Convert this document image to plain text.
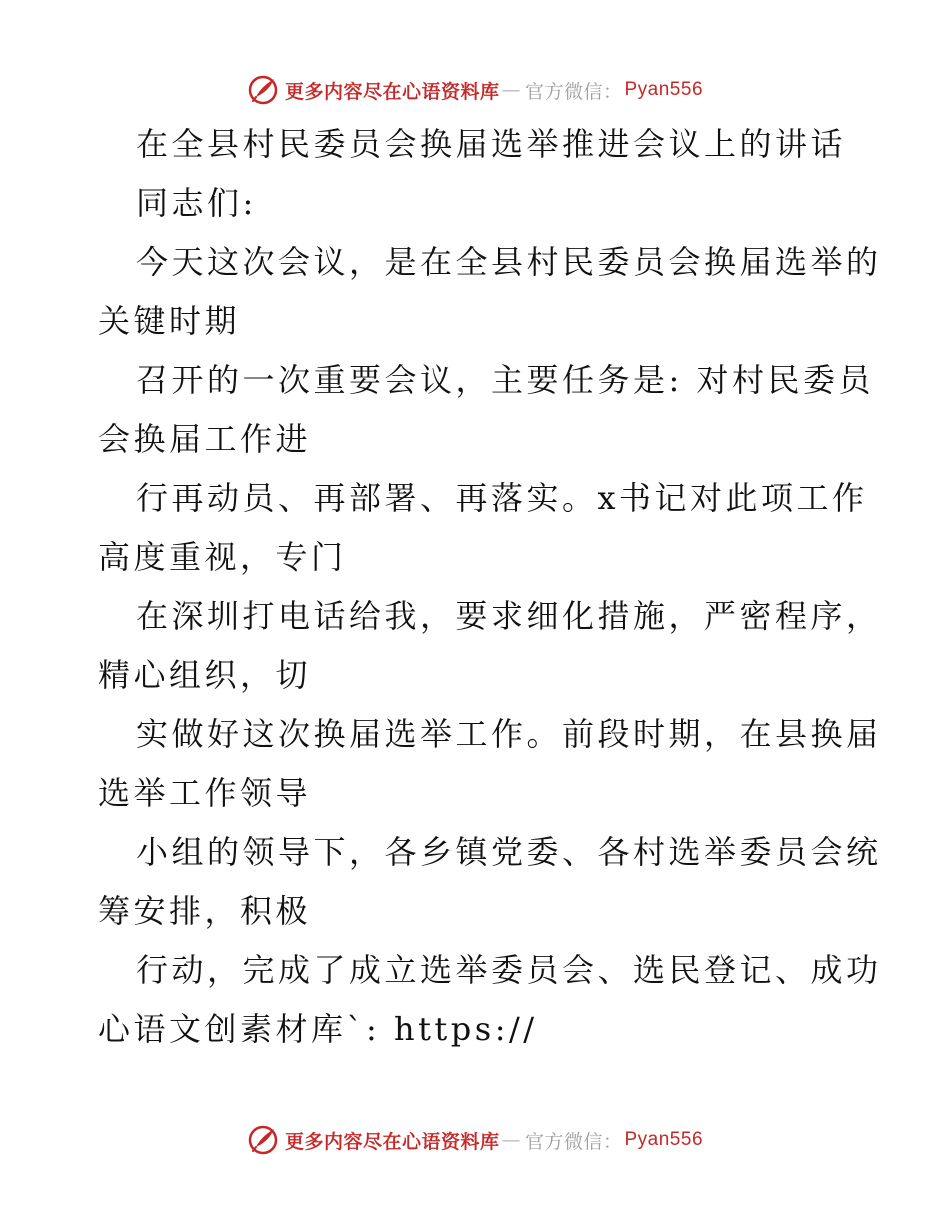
更多内容尽在心语资料库 — 官方微信： Pyan556
在全县村民委员会换届选举推进会议上的讲话
同志们:
今天这次会议，是在全县村民委员会换届选举的
关键时期
召开的一次重要会议，主要任务是: 对村民委员
会换届工作进
行再动员、再部署、再落实。x书记对此项工作
高度重视，专门
在深圳打电话给我，要求细化措施，严密程序，
精心组织，切
实做好这次换届选举工作。前段时期，在县换届
选举工作领导
小组的领导下，各乡镇党委、各村选举委员会统
筹安排，积极
行动，完成了成立选举委员会、选民登记、成功
心语文创素材库`: https://
更多内容尽在心语资料库 — 官方微信： Pyan556
